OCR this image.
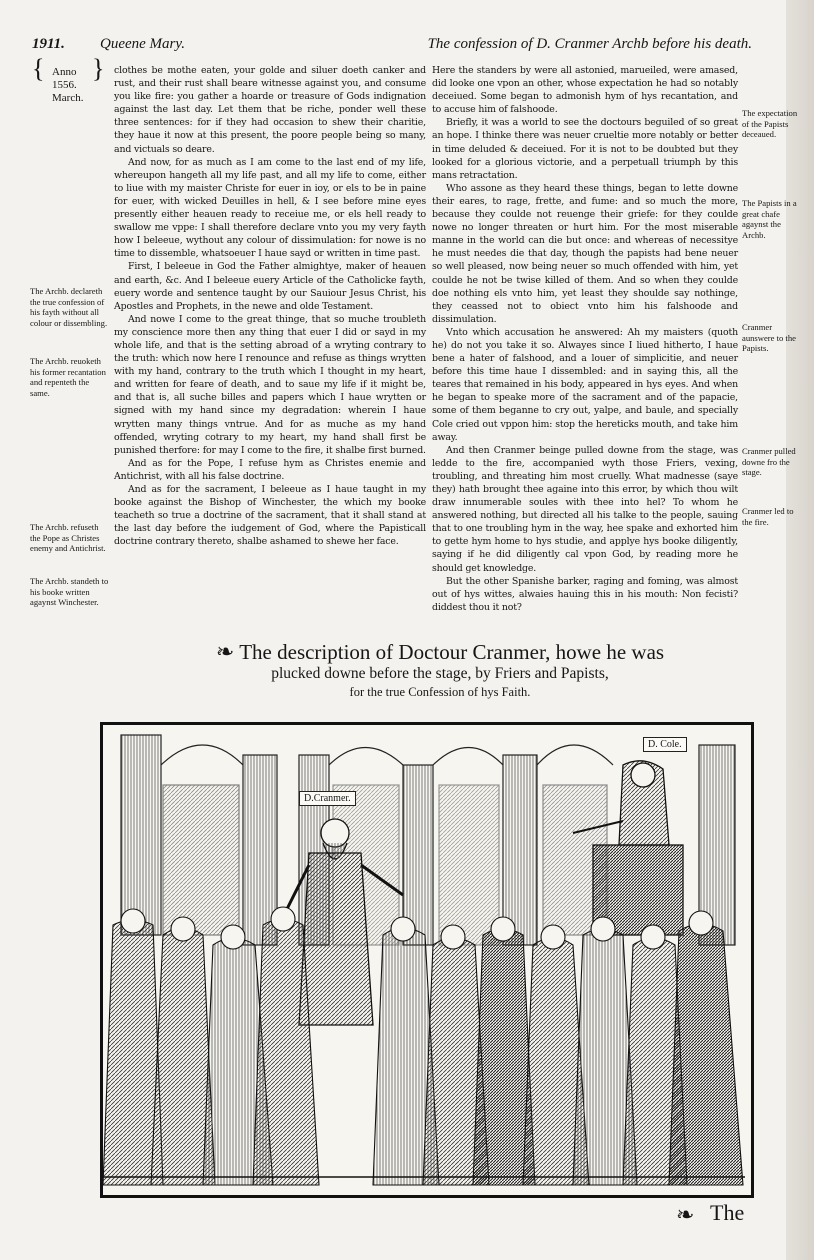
1911. Queene Mary.	The confession of D. Cranmer Archb before his death.
{ Anno
1556.
March.
} clothes be mothe eaten, your golde and siluer doeth canker and rust, and their rust shall beare witnesse against you, and consume you like fire: you gather a hoarde or treasure of Gods indignation against the last day. Let them that be riche, ponder well these three sentences: for if they had occasion to shew their charitie, they haue it now at this present, the poore people being so many, and victuals so deare.

And now, for as much as I am come to the last end of my life, whereupon hangeth all my life past, and all my life to come, either to liue with my maister Christe for euer in ioy, or els to be in paine for euer, with wicked Deuilles in hell, & I see before mine eyes presently either heauen ready to receiue me, or els hell ready to swallow me vppe: I shall therefore declare vnto you my very fayth how I beleeue, wythout any colour of dissimulation: for nowe is no time to dissemble, whatsoeuer I haue sayd or written in time past.

First, I beleeue in God the Father almightye, maker of heauen and earth, &c. And I beleeue euery Article of the Catholicke fayth, euery worde and sentence taught by our Sauiour Jesus Christ, his Apostles and Prophets, in the newe and olde Testament.

And nowe I come to the great thinge, that so muche troubleth my conscience more then any thing that euer I did or sayd in my whole life, and that is the setting abroad of a wryting contrary to the truth: which now here I renounce and refuse as things wrytten with my hand, contrary to the truth which I thought in my heart, and written for feare of death, and to saue my life if it might be, and that is, all suche billes and papers which I haue wrytten or signed with my hand since my degradation: wherein I haue wrytten many things vntrue. And for as muche as my hand offended, wryting cotrary to my heart, my hand shall first be punished therfore: for may I come to the fire, it shalbe first burned.

And as for the Pope, I refuse hym as Christes enemie and Antichrist, with all his false doctrine.

And as for the sacrament, I beleeue as I haue taught in my booke against the Bishop of Winchester, the which my booke teacheth so true a doctrine of the sacrament, that it shall stand at the last day before the iudgement of God, where the Papisticall doctrine contrary thereto, shalbe ashamed to shewe her face.

Here the standers by were all astonied, marueiled, were amased, did looke one vpon an other, whose expectation he had so notably deceiued. Some began to admonish hym of hys recantation, and to accuse him of falshoode.

Briefly, it was a world to see the doctours beguiled of so great an hope. I thinke there was neuer crueltie more notably or better in time deluded & deceiued. For it is not to be doubted but they looked for a glorious victorie, and a perpetuall triumph by this mans retractation.

Who assone as they heard these things, began to lette downe their eares, to rage, frette, and fume: and so much the more, because they coulde not reuenge their griefe: for they coulde nowe no longer threaten or hurt him. For the most miserable manne in the world can die but once: and whereas of necessitye he must needes die that day, though the papists had bene neuer so well pleased, now being neuer so much offended with him, yet coulde he not be twise killed of them. And so when they coulde doe nothing els vnto him, yet least they shoulde say nothinge, they ceassed not to obiect vnto him his falshoode and dissimulation.

Vnto which accusation he answered: Ah my maisters (quoth he) do not you take it so. Alwayes since I liued hitherto, I haue bene a hater of falshood, and a louer of simplicitie, and neuer before this time haue I dissembled: and in saying this, all the teares that remained in his body, appeared in hys eyes. And when he began to speake more of the sacrament and of the papacie, some of them beganne to cry out, yalpe, and baule, and specially Cole cried out vppon him: stop the hereticks mouth, and take him away.

And then Cranmer beinge pulled downe from the stage, was ledde to the fire, accompanied wyth those Friers, vexing, troubling, and threating him most cruelly. What madnesse (saye they) hath brought thee againe into this error, by which thou wilt draw innumerable soules with thee into hel? To whom he answered nothing, but directed all his talke to the people, sauing that to one troubling hym in the way, hee spake and exhorted him to gette hym home to hys studie, and applye hys booke diligently, saying if he did diligently cal vpon God, by reading more he should get knowledge.

But the other Spanishe barker, raging and foming, was almost out of hys wittes, alwaies hauing this in his mouth: Non fecisti? diddest thou it not?

The Archb. declareth the true confession of his fayth without all colour or dissembling.
The Archb. reuoketh his former recantation and repenteth the same.
The Archb. refuseth the Pope as Christes enemy and Antichrist.
The Archb. standeth to his booke written agaynst Winchester.
The expectation of the Papists deceaued.
The Papists in a great chafe agaynst the Archb.
Cranmer aunswere to the Papists.
Cranmer pulled downe fro the stage.
Cranmer led to the fire.
❧ The description of Doctour Cranmer, howe he was
plucked downe before the stage, by Friers and Papists,
for the true Confession of hys Faith.
D.Cranmer.
D. Cole.
❧ The
